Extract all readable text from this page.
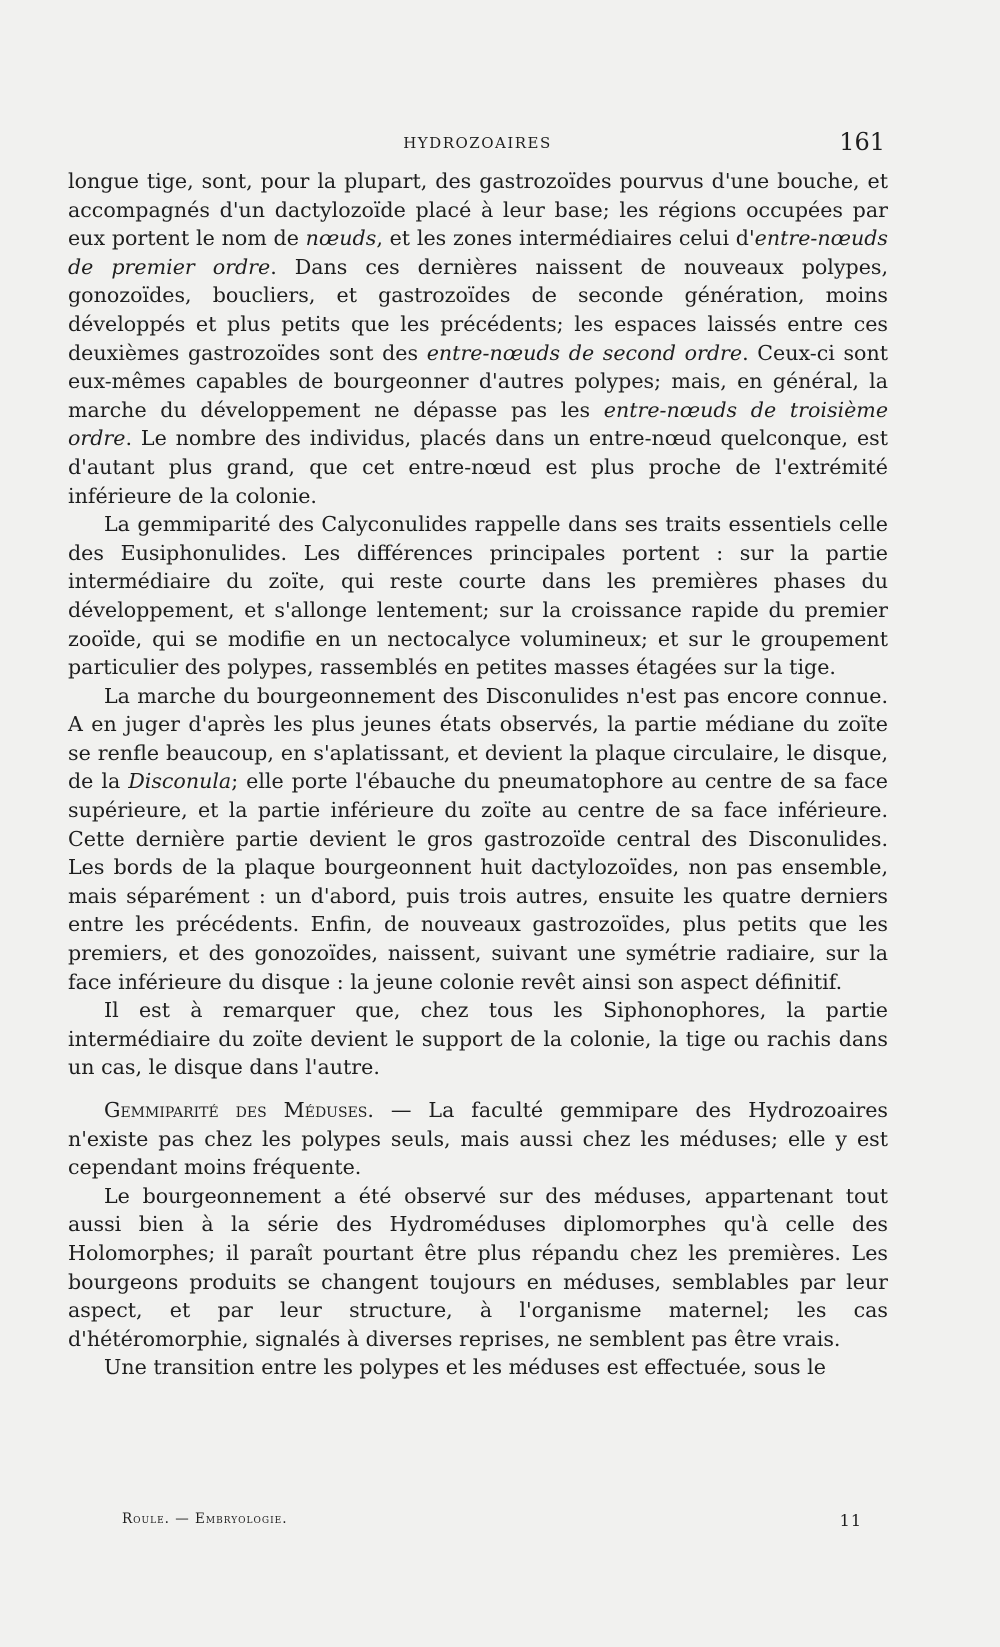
HYDROZOAIRES	161

longue tige, sont, pour la plupart, des gastrozoïdes pourvus d'une bouche, et accompagnés d'un dactylozoïde placé à leur base; les régions occupées par eux portent le nom de nœuds, et les zones intermédiaires celui d'entre-nœuds de premier ordre. Dans ces dernières naissent de nouveaux polypes, gonozoïdes, boucliers, et gastrozoïdes de seconde génération, moins développés et plus petits que les précédents; les espaces laissés entre ces deuxièmes gastrozoïdes sont des entre-nœuds de second ordre. Ceux-ci sont eux-mêmes capables de bourgeonner d'autres polypes; mais, en général, la marche du développement ne dépasse pas les entre-nœuds de troisième ordre. Le nombre des individus, placés dans un entre-nœud quelconque, est d'autant plus grand, que cet entre-nœud est plus proche de l'extrémité inférieure de la colonie.

La gemmiparité des Calyconulides rappelle dans ses traits essentiels celle des Eusiphonulides. Les différences principales portent : sur la partie intermédiaire du zoïte, qui reste courte dans les premières phases du développement, et s'allonge lentement; sur la croissance rapide du premier zooïde, qui se modifie en un nectocalyce volumineux; et sur le groupement particulier des polypes, rassemblés en petites masses étagées sur la tige.

La marche du bourgeonnement des Disconulides n'est pas encore connue. A en juger d'après les plus jeunes états observés, la partie médiane du zoïte se renfle beaucoup, en s'aplatissant, et devient la plaque circulaire, le disque, de la Disconula; elle porte l'ébauche du pneumatophore au centre de sa face supérieure, et la partie inférieure du zoïte au centre de sa face inférieure. Cette dernière partie devient le gros gastrozoïde central des Disconulides. Les bords de la plaque bourgeonnent huit dactylozoïdes, non pas ensemble, mais séparément : un d'abord, puis trois autres, ensuite les quatre derniers entre les précédents. Enfin, de nouveaux gastrozoïdes, plus petits que les premiers, et des gonozoïdes, naissent, suivant une symétrie radiaire, sur la face inférieure du disque : la jeune colonie revêt ainsi son aspect définitif.

Il est à remarquer que, chez tous les Siphonophores, la partie intermédiaire du zoïte devient le support de la colonie, la tige ou rachis dans un cas, le disque dans l'autre.

Gemmiparité des Méduses. — La faculté gemmipare des Hydrozoaires n'existe pas chez les polypes seuls, mais aussi chez les méduses; elle y est cependant moins fréquente.

Le bourgeonnement a été observé sur des méduses, appartenant tout aussi bien à la série des Hydroméduses diplomorphes qu'à celle des Holomorphes; il paraît pourtant être plus répandu chez les premières. Les bourgeons produits se changent toujours en méduses, semblables par leur aspect, et par leur structure, à l'organisme maternel; les cas d'hétéromorphie, signalés à diverses reprises, ne semblent pas être vrais.

Une transition entre les polypes et les méduses est effectuée, sous le

Roule. — Embryologie.	11
